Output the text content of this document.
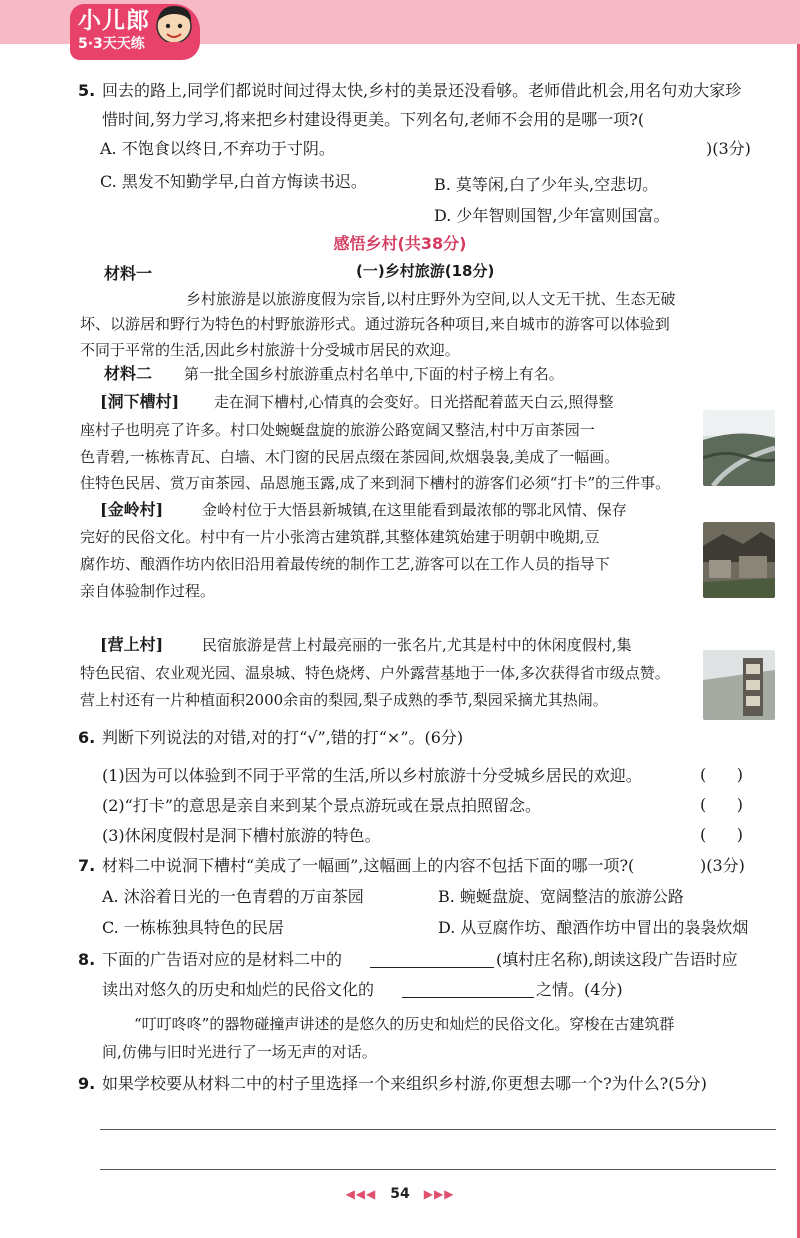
小儿郎
5·3天天练
5. 回去的路上,同学们都说时间过得太快,乡村的美景还没看够。老师借此机会,用名句劝大家珍
惜时间,努力学习,将来把乡村建设得更美。下列名句,老师不会用的是哪一项?(
A. 不饱食以终日,不弃功于寸阴。	)(3分)
C. 黑发不知勤学早,白首方悔读书迟。	B. 莫等闲,白了少年头,空悲切。
D. 少年智则国智,少年富则国富。
感悟乡村(共38分)
材料一	(一)乡村旅游(18分)
乡村旅游是以旅游度假为宗旨,以村庄野外为空间,以人文无干扰、生态无破
坏、以游居和野行为特色的村野旅游形式。通过游玩各种项目,来自城市的游客可以体验到
不同于平常的生活,因此乡村旅游十分受城市居民的欢迎。
材料二 第一批全国乡村旅游重点村名单中,下面的村子榜上有名。
[洞下槽村] 走在洞下槽村,心情真的会变好。日光搭配着蓝天白云,照得整
座村子也明亮了许多。村口处蜿蜒盘旋的旅游公路宽阔又整洁,村中万亩茶园一
色青碧,一栋栋青瓦、白墙、木门窗的民居点缀在茶园间,炊烟袅袅,美成了一幅画。
住特色民居、赏万亩茶园、品恩施玉露,成了来到洞下槽村的游客们必须“打卡”的三件事。
[金岭村]	金岭村位于大悟县新城镇,在这里能看到最浓郁的鄂北风情、保存
完好的民俗文化。村中有一片小张湾古建筑群,其整体建筑始建于明朝中晚期,豆
腐作坊、酿酒作坊内依旧沿用着最传统的制作工艺,游客可以在工作人员的指导下
亲自体验制作过程。
[营上村]	民宿旅游是营上村最亮丽的一张名片,尤其是村中的休闲度假村,集
特色民宿、农业观光园、温泉城、特色烧烤、户外露营基地于一体,多次获得省市级点赞。
营上村还有一片种植面积2000余亩的梨园,梨子成熟的季节,梨园采摘尤其热闹。
6. 判断下列说法的对错,对的打“√”,错的打“×”。(6分)
(1)因为可以体验到不同于平常的生活,所以乡村旅游十分受城乡居民的欢迎。	(      )
(2)“打卡”的意思是亲自来到某个景点游玩或在景点拍照留念。	(      )
(3)休闲度假村是洞下槽村旅游的特色。	(      )
7. 材料二中说洞下槽村“美成了一幅画”,这幅画上的内容不包括下面的哪一项?(	)(3分)
A. 沐浴着日光的一色青碧的万亩茶园	B. 蜿蜒盘旋、宽阔整洁的旅游公路
C. 一栋栋独具特色的民居	D. 从豆腐作坊、酿酒作坊中冒出的袅袅炊烟
8. 下面的广告语对应的是材料二中的	(填村庄名称),朗读这段广告语时应
读出对悠久的历史和灿烂的民俗文化的	之情。(4分)
“叮叮咚咚”的器物碰撞声讲述的是悠久的历史和灿烂的民俗文化。穿梭在古建筑群
间,仿佛与旧时光进行了一场无声的对话。
9. 如果学校要从材料二中的村子里选择一个来组织乡村游,你更想去哪一个?为什么?(5分)
◀◀◀ 54 ▶▶▶
